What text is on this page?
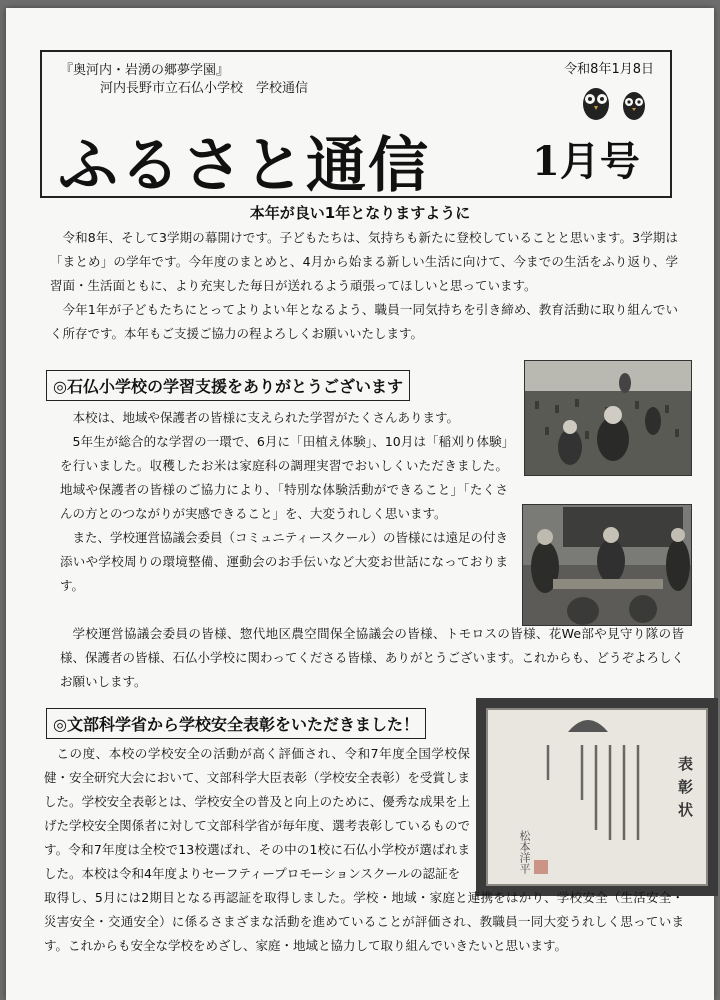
『奥河内・岩湧の郷夢学園』
河内長野市立石仏小学校　学校通信
令和8年1月8日
ふるさと通信	1月号
本年が良い1年となりますように

令和8年、そして3学期の幕開けです。子どもたちは、気持ちも新たに登校していることと思います。3学期は「まとめ」の学年です。今年度のまとめと、4月から始まる新しい生活に向けて、今までの生活をふり返り、学習面・生活面ともに、より充実した毎日が送れるよう頑張ってほしいと思っています。

今年1年が子どもたちにとってよりよい年となるよう、職員一同気持ちを引き締め、教育活動に取り組んでいく所存です。本年もご支援ご協力の程よろしくお願いいたします。

◎石仏小学校の学習支援をありがとうございます

本校は、地域や保護者の皆様に支えられた学習がたくさんあります。

5年生が総合的な学習の一環で、6月に「田植え体験」、10月は「稲刈り体験」を行いました。収穫したお米は家庭科の調理実習でおいしくいただきました。地域や保護者の皆様のご協力により、「特別な体験活動ができること」「たくさんの方とのつながりが実感できること」を、大変うれしく思います。

また、学校運営協議会委員（コミュニティースクール）の皆様には遠足の付き添いや学校周りの環境整備、運動会のお手伝いなど大変お世話になっております。

学校運営協議会委員の皆様、惣代地区農空間保全協議会の皆様、トモロスの皆様、花We部や見守り隊の皆様、保護者の皆様、石仏小学校に関わってくださる皆様、ありがとうございます。これからも、どうぞよろしくお願いします。

◎文部科学省から学校安全表彰をいただきました！
表彰状
松本洋平

この度、本校の学校安全の活動が高く評価され、令和7年度全国学校保健・安全研究大会において、文部科学大臣表彰（学校安全表彰）を受賞しました。学校安全表彰とは、学校安全の普及と向上のために、優秀な成果を上げた学校安全関係者に対して文部科学省が毎年度、選考表彰しているものです。令和7年度は全校で13校選ばれ、その中の1校に石仏小学校が選ばれました。本校は令和4年度よりセーフティープロモーションスクールの認証を

取得し、5月には2期目となる再認証を取得しました。学校・地域・家庭と連携をはかり、学校安全（生活安全・災害安全・交通安全）に係るさまざまな活動を進めていることが評価され、教職員一同大変うれしく思っています。これからも安全な学校をめざし、家庭・地域と協力して取り組んでいきたいと思います。
